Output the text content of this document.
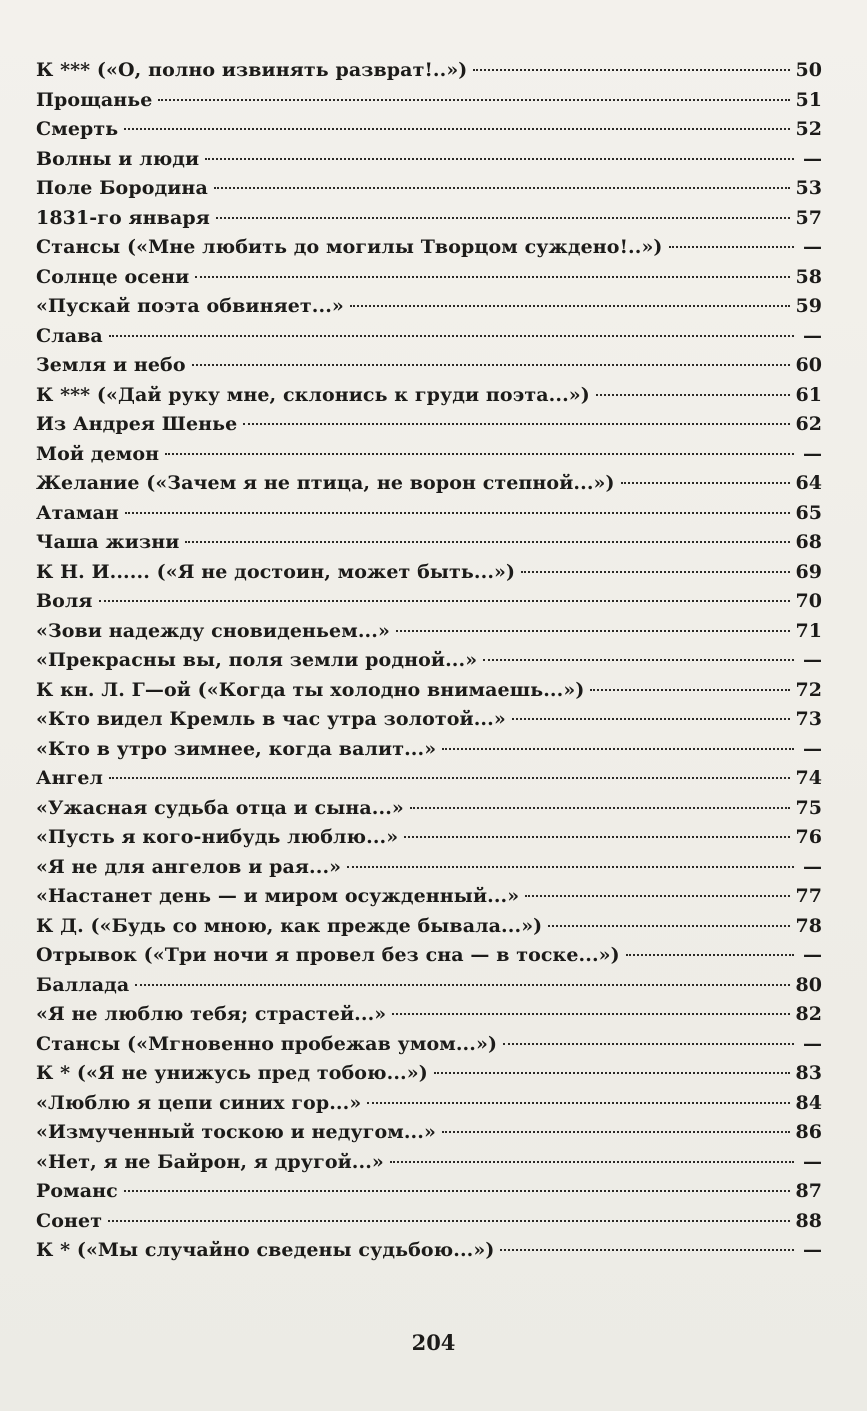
К *** («О, полно извинять разврат!..»)	50
Прощанье	51
Смерть	52
Волны и люди	—
Поле Бородина	53
1831-го января	57
Стансы («Мне любить до могилы Творцом суждено!..»)	—
Солнце осени	58
«Пускай поэта обвиняет...»	59
Слава	—
Земля и небо	60
К *** («Дай руку мне, склонись к груди поэта...»)	61
Из Андрея Шенье	62
Мой демон	—
Желание («Зачем я не птица, не ворон степной...»)	64
Атаман	65
Чаша жизни	68
К Н. И...... («Я не достоин, может быть...»)	69
Воля	70
«Зови надежду сновиденьем...»	71
«Прекрасны вы, поля земли родной...»	—
К кн. Л. Г—ой («Когда ты холодно внимаешь...»)	72
«Кто видел Кремль в час утра золотой...»	73
«Кто в утро зимнее, когда валит...»	—
Ангел	74
«Ужасная судьба отца и сына...»	75
«Пусть я кого-нибудь люблю...»	76
«Я не для ангелов и рая...»	—
«Настанет день — и миром осужденный...»	77
К Д. («Будь со мною, как прежде бывала...»)	78
Отрывок («Три ночи я провел без сна — в тоске...»)	—
Баллада	80
«Я не люблю тебя; страстей...»	82
Стансы («Мгновенно пробежав умом...»)	—
К * («Я не унижусь пред тобою...»)	83
«Люблю я цепи синих гор...»	84
«Измученный тоскою и недугом...»	86
«Нет, я не Байрон, я другой...»	—
Романс	87
Сонет	88
К * («Мы случайно сведены судьбою...»)	—
204
